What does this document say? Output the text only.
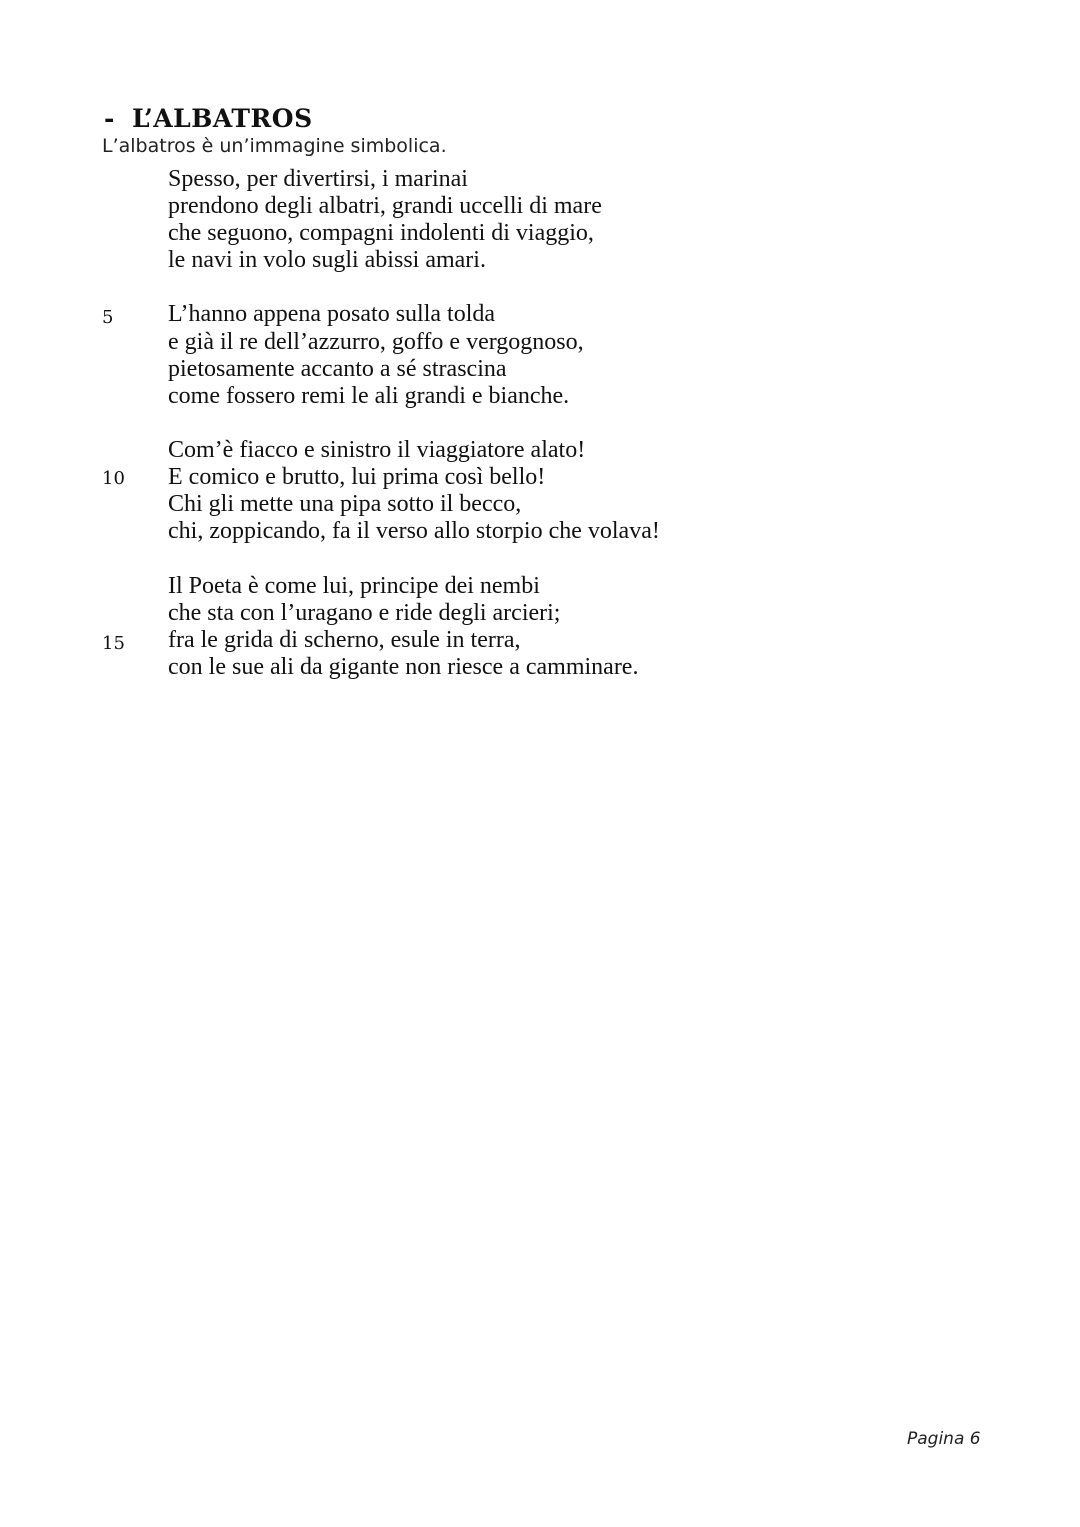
- L’ALBATROS
L’albatros è un’immagine simbolica.
Spesso, per divertirsi, i marinai
prendono degli albatri, grandi uccelli di mare
che seguono, compagni indolenti di viaggio,
le navi in volo sugli abissi amari.
5 L’hanno appena posato sulla tolda
e già il re dell’azzurro, goffo e vergognoso,
pietosamente accanto a sé strascina
come fossero remi le ali grandi e bianche.
Com’è fiacco e sinistro il viaggiatore alato!
10 E comico e brutto, lui prima così bello!
Chi gli mette una pipa sotto il becco,
chi, zoppicando, fa il verso allo storpio che volava!
Il Poeta è come lui, principe dei nembi
che sta con l’uragano e ride degli arcieri;
15 fra le grida di scherno, esule in terra,
con le sue ali da gigante non riesce a camminare.
Pagina 6
